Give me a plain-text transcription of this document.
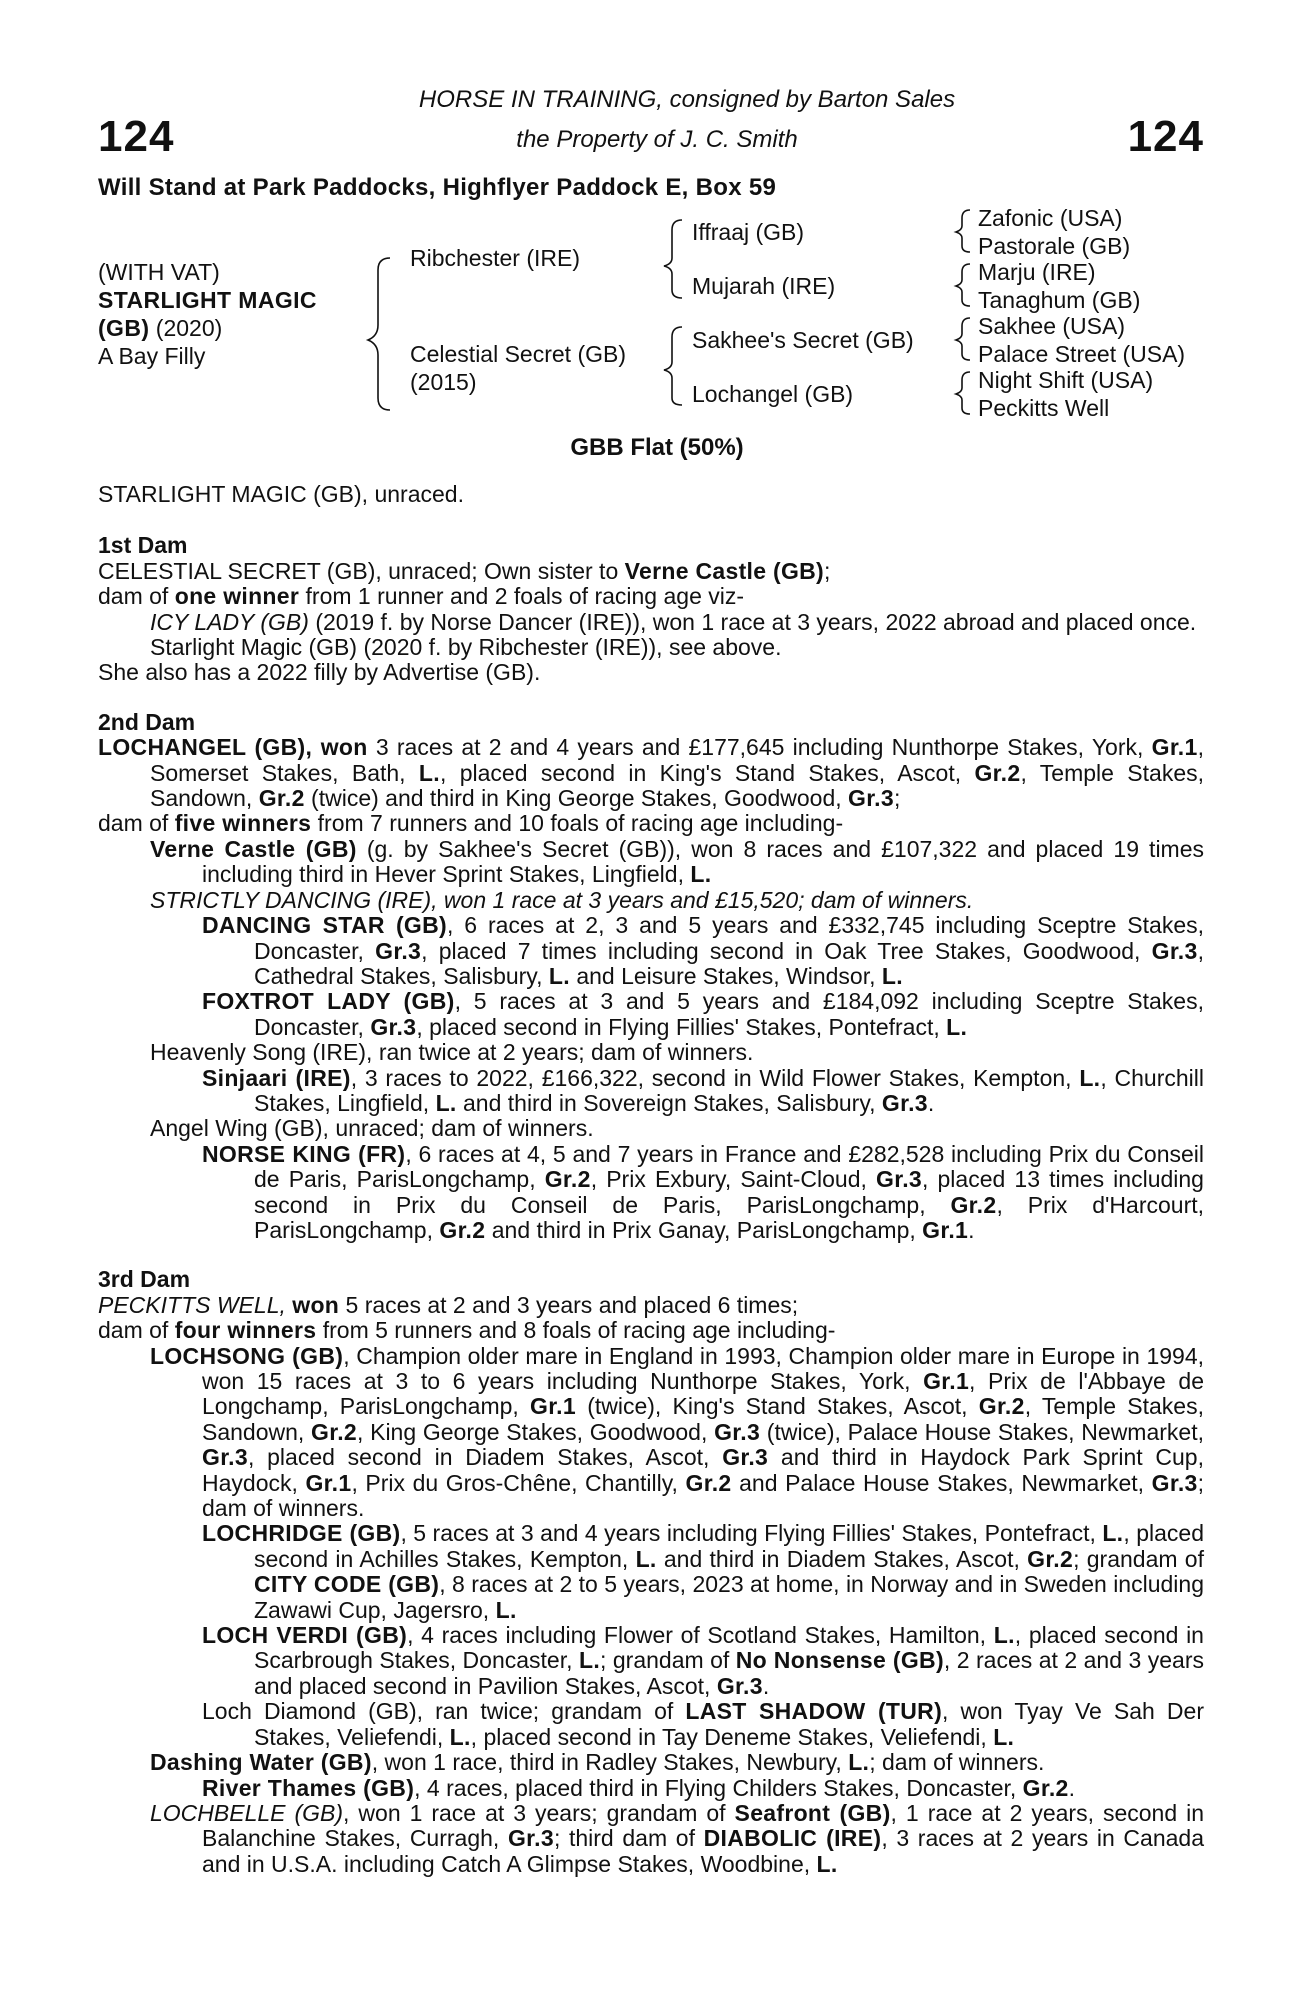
124	124
HORSE IN TRAINING, consigned by Barton Sales
the Property of J. C. Smith
Will Stand at Park Paddocks, Highflyer Paddock E, Box 59
(WITH VAT)
STARLIGHT MAGIC
(GB) (2020)
A Bay Filly
Ribchester (IRE)
Celestial Secret (GB)
(2015)
Iffraaj (GB)
Mujarah (IRE)
Sakhee's Secret (GB)
Lochangel (GB)
Zafonic (USA)
Pastorale (GB)
Marju (IRE)
Tanaghum (GB)
Sakhee (USA)
Palace Street (USA)
Night Shift (USA)
Peckitts Well
GBB Flat (50%)

STARLIGHT MAGIC (GB), unraced.

1st Dam

CELESTIAL SECRET (GB), unraced; Own sister to Verne Castle (GB);

dam of one winner from 1 runner and 2 foals of racing age viz-

ICY LADY (GB) (2019 f. by Norse Dancer (IRE)), won 1 race at 3 years, 2022 abroad and placed once.

Starlight Magic (GB) (2020 f. by Ribchester (IRE)), see above.

She also has a 2022 filly by Advertise (GB).

2nd Dam

LOCHANGEL (GB), won 3 races at 2 and 4 years and £177,645 including Nunthorpe Stakes, York, Gr.1, Somerset Stakes, Bath, L., placed second in King's Stand Stakes, Ascot, Gr.2, Temple Stakes, Sandown, Gr.2 (twice) and third in King George Stakes, Goodwood, Gr.3;

dam of five winners from 7 runners and 10 foals of racing age including-

Verne Castle (GB) (g. by Sakhee's Secret (GB)), won 8 races and £107,322 and placed 19 times including third in Hever Sprint Stakes, Lingfield, L.

STRICTLY DANCING (IRE), won 1 race at 3 years and £15,520; dam of winners.

DANCING STAR (GB), 6 races at 2, 3 and 5 years and £332,745 including Sceptre Stakes, Doncaster, Gr.3, placed 7 times including second in Oak Tree Stakes, Goodwood, Gr.3, Cathedral Stakes, Salisbury, L. and Leisure Stakes, Windsor, L.

FOXTROT LADY (GB), 5 races at 3 and 5 years and £184,092 including Sceptre Stakes, Doncaster, Gr.3, placed second in Flying Fillies' Stakes, Pontefract, L.

Heavenly Song (IRE), ran twice at 2 years; dam of winners.

Sinjaari (IRE), 3 races to 2022, £166,322, second in Wild Flower Stakes, Kempton, L., Churchill Stakes, Lingfield, L. and third in Sovereign Stakes, Salisbury, Gr.3.

Angel Wing (GB), unraced; dam of winners.

NORSE KING (FR), 6 races at 4, 5 and 7 years in France and £282,528 including Prix du Conseil de Paris, ParisLongchamp, Gr.2, Prix Exbury, Saint-Cloud, Gr.3, placed 13 times including second in Prix du Conseil de Paris, ParisLongchamp, Gr.2, Prix d'Harcourt, ParisLongchamp, Gr.2 and third in Prix Ganay, ParisLongchamp, Gr.1.

3rd Dam

PECKITTS WELL, won 5 races at 2 and 3 years and placed 6 times;

dam of four winners from 5 runners and 8 foals of racing age including-

LOCHSONG (GB), Champion older mare in England in 1993, Champion older mare in Europe in 1994, won 15 races at 3 to 6 years including Nunthorpe Stakes, York, Gr.1, Prix de l'Abbaye de Longchamp, ParisLongchamp, Gr.1 (twice), King's Stand Stakes, Ascot, Gr.2, Temple Stakes, Sandown, Gr.2, King George Stakes, Goodwood, Gr.3 (twice), Palace House Stakes, Newmarket, Gr.3, placed second in Diadem Stakes, Ascot, Gr.3 and third in Haydock Park Sprint Cup, Haydock, Gr.1, Prix du Gros-Chêne, Chantilly, Gr.2 and Palace House Stakes, Newmarket, Gr.3; dam of winners.

LOCHRIDGE (GB), 5 races at 3 and 4 years including Flying Fillies' Stakes, Pontefract, L., placed second in Achilles Stakes, Kempton, L. and third in Diadem Stakes, Ascot, Gr.2; grandam of CITY CODE (GB), 8 races at 2 to 5 years, 2023 at home, in Norway and in Sweden including Zawawi Cup, Jagersro, L.

LOCH VERDI (GB), 4 races including Flower of Scotland Stakes, Hamilton, L., placed second in Scarbrough Stakes, Doncaster, L.; grandam of No Nonsense (GB), 2 races at 2 and 3 years and placed second in Pavilion Stakes, Ascot, Gr.3.

Loch Diamond (GB), ran twice; grandam of LAST SHADOW (TUR), won Tyay Ve Sah Der Stakes, Veliefendi, L., placed second in Tay Deneme Stakes, Veliefendi, L.

Dashing Water (GB), won 1 race, third in Radley Stakes, Newbury, L.; dam of winners.

River Thames (GB), 4 races, placed third in Flying Childers Stakes, Doncaster, Gr.2.

LOCHBELLE (GB), won 1 race at 3 years; grandam of Seafront (GB), 1 race at 2 years, second in Balanchine Stakes, Curragh, Gr.3; third dam of DIABOLIC (IRE), 3 races at 2 years in Canada and in U.S.A. including Catch A Glimpse Stakes, Woodbine, L.
